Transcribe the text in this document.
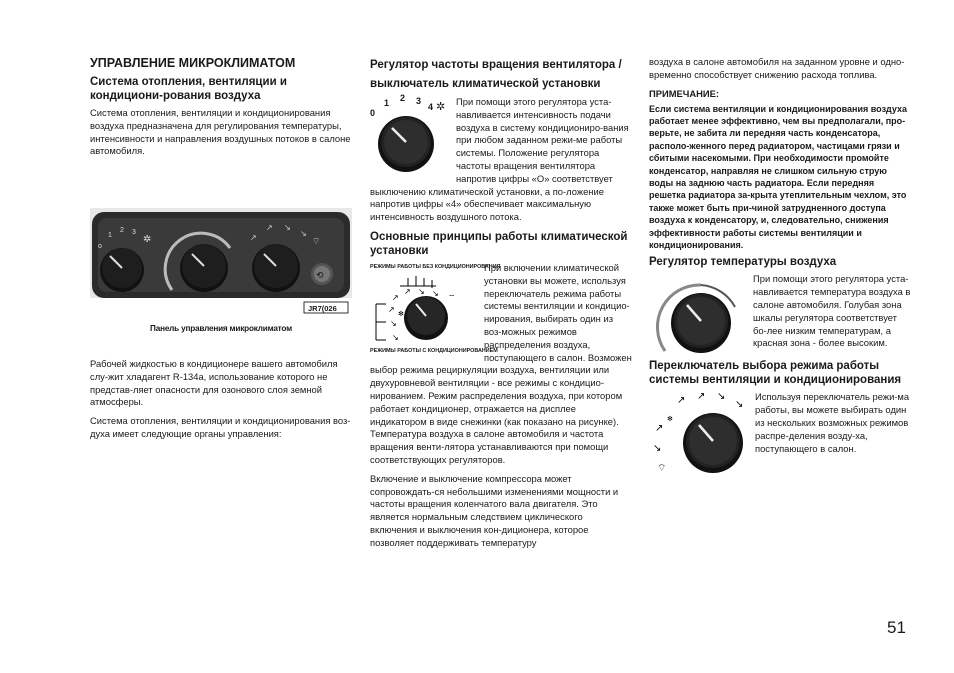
УПРАВЛЕНИЕ МИКРОКЛИМАТОМ
Система отопления, вентиляции и кондициони-рования воздуха

Система отопления, вентиляции и кондиционирования воздуха предназначена для регулирования температуры, интенсивности и направления воздушных потоков в салоне автомобиля.

o
1
2 3
✲	↗
↗ ↘
↘
⌔
⟲
JR7(026
Панель управления микроклиматом

Рабочей жидкостью в кондиционере вашего автомобиля слу-жит хладагент R-134a, использование которого не представ-ляет опасности для озонового слоя земной атмосферы.

Система отопления, вентиляции и кондиционирования воз-духа имеет следующие органы управления:

Регулятор частоты вращения вентилятора / выключатель климатической установки
0
1 2 3
4 ✲	При помощи этого регулятора уста-навливается интенсивность подачи воздуха в систему кондициониро-вания при любом заданном режи-ме работы системы. Положение регулятора частоты вращения вентилятора напротив цифры «О» соответствует выключению климатической установки, а по-ложение напротив цифры «4» обеспечивает максимальную интенсивность воздушного потока.

Основные принципы работы климатической установки
РЕЖИМЫ РАБОТЫ БЕЗ КОНДИЦИОНИРОВАНИЯ
↗
↗ ↘ ↘
↗
↘
↘
✻
⌔
РЕЖИМЫ РАБОТЫ С КОНДИЦИОНИРОВАНИЕМ

При включении климатической установки вы можете, используя переключатель режима работы системы вентиляции и кондицио-нирования, выбирать один из воз-можных режимов распределения воздуха, поступающего в салон. Возможен выбор режима рециркуляции воздуха, вентиляции или двухуровневой вентиляции - все режимы с кондицио-нированием. Режим распределения воздуха, при котором работает кондиционер, отражается на дисплее индикатором в виде снежинки (как показано на рисунке). Температура воздуха в салоне автомобиля и частота вращения венти-лятора устанавливаются при помощи соответствующих регуляторов.

Включение и выключение компрессора может сопровождать-ся небольшими изменениями мощности и частоты вращения коленчатого вала двигателя. Это является нормальным следствием циклического включения и выключения кон-диционера, которое позволяет поддерживать температуру

воздуха в салоне автомобиля на заданном уровне и одно-временно способствует снижению расхода топлива.

ПРИМЕЧАНИЕ:

Если система вентиляции и кондиционирования воздуха работает менее эффективно, чем вы предполагали, про-верьте, не забита ли передняя часть конденсатора, располо-женного перед радиатором, частицами грязи и сбитыми насекомыми. При необходимости промойте конденсатор, направляя не слишком сильную струю воды на заднюю часть радиатора. Если передняя решетка радиатора за-крыта утеплительным чехлом, это также может быть при-чиной затрудненного доступа воздуха к конденсатору, и, следовательно, снижения эффективности работы системы вентиляции и кондиционирования.

Регулятор температуры воздуха

При помощи этого регулятора уста-навливается температура воздуха в салоне автомобиля. Голубая зона шкалы регулятора соответствует бо-лее низким температурам, а красная зона - более высоким.

Переключатель выбора режима работы системы вентиляции и кондиционирования
↗ ↗ ↘
↘
↗
↘
⌔
✻

Используя переключатель режи-ма работы, вы можете выбирать один из нескольких возможных режимов распре-деления возду-ха, поступающего в салон.

51
